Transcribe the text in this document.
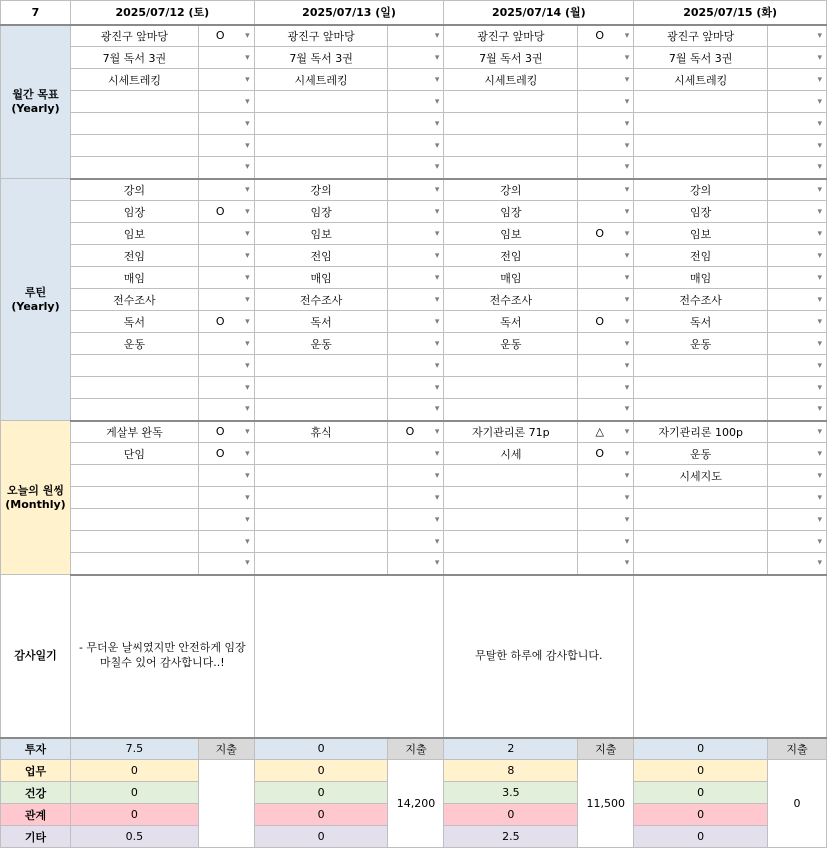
7	2025/07/12 (토)		2025/07/13 (일)		2025/07/14 (월)		2025/07/15 (화)	
월간 목표 (Yearly)	광진구 앞마당	O ▾	광진구 앞마당	▾	광진구 앞마당	O ▾	광진구 앞마당	▾
	7월 독서 3권	▾	7월 독서 3권	▾	7월 독서 3권	▾	7월 독서 3권	▾
	시세트레킹	▾	시세트레킹	▾	시세트레킹	▾	시세트레킹	▾
	▾		▾		▾		▾
	▾		▾		▾		▾
	▾		▾		▾		▾
	▾		▾		▾		▾
루틴 (Yearly)	강의	▾	강의	▾	강의	▾	강의	▾
	임장	O ▾	임장	▾	임장	▾	임장	▾
	임보	▾	임보	▾	임보	O ▾	임보	▾
	전임	▾	전임	▾	전임	▾	전임	▾
	매임	▾	매임	▾	매임	▾	매임	▾
	전수조사	▾	전수조사	▾	전수조사	▾	전수조사	▾
	독서	O ▾	독서	▾	독서	O ▾	독서	▾
	운동	▾	운동	▾	운동	▾	운동	▾
	▾		▾		▾		▾
	▾		▾		▾		▾
	▾		▾		▾		▾
오늘의 원씽 (Monthly)	게살부 완독	O ▾	휴식	O ▾	자기관리론 71p	△ ▾	자기관리론 100p	▾
	단임	O ▾		▾	시세	O ▾	운동	▾
	▾		▾		▾	시세지도	▾
	▾		▾		▾		▾
	▾		▾		▾		▾
	▾		▾		▾		▾
	▾		▾		▾		▾
감사일기	- 무더운 날씨였지만 안전하게 임장 마칠수 있어 감사합니다..!				무탈한 하루에 감사합니다.			
투자	7.5	지출	0	지출	2	지출	0	지출
업무	0		0	14,200	8	11,500	0	0
건강	0		0		3.5		0	
관계	0		0		0		0	
기타	0.5		0		2.5		0	
